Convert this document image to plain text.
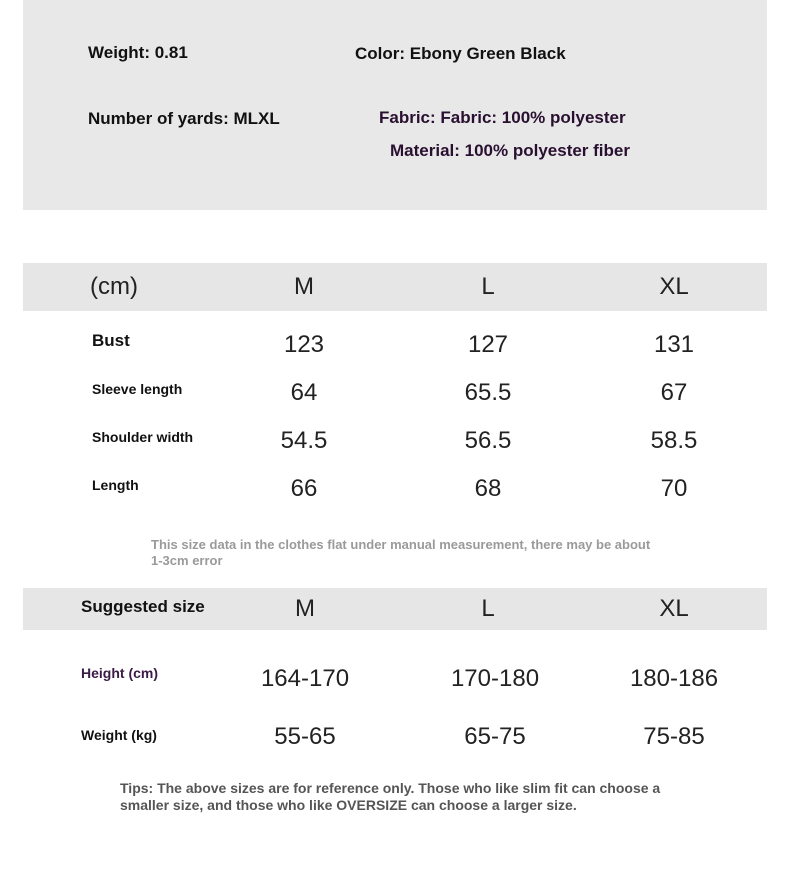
Weight: 0.81	Color: Ebony Green Black
Number of yards: MLXL	Fabric: Fabric: 100% polyester
Material: 100% polyester fiber
(cm)	M	L	XL
Bust	123	127	131
Sleeve length	64	65.5	67
Shoulder width	54.5	56.5	58.5
Length	66	68	70
This size data in the clothes flat under manual measurement, there may be about 1-3cm error
Suggested size	M	L	XL
Height (cm)	164-170	170-180	180-186
Weight (kg)	55-65	65-75	75-85
Tips: The above sizes are for reference only. Those who like slim fit can choose a smaller size, and those who like OVERSIZE can choose a larger size.
